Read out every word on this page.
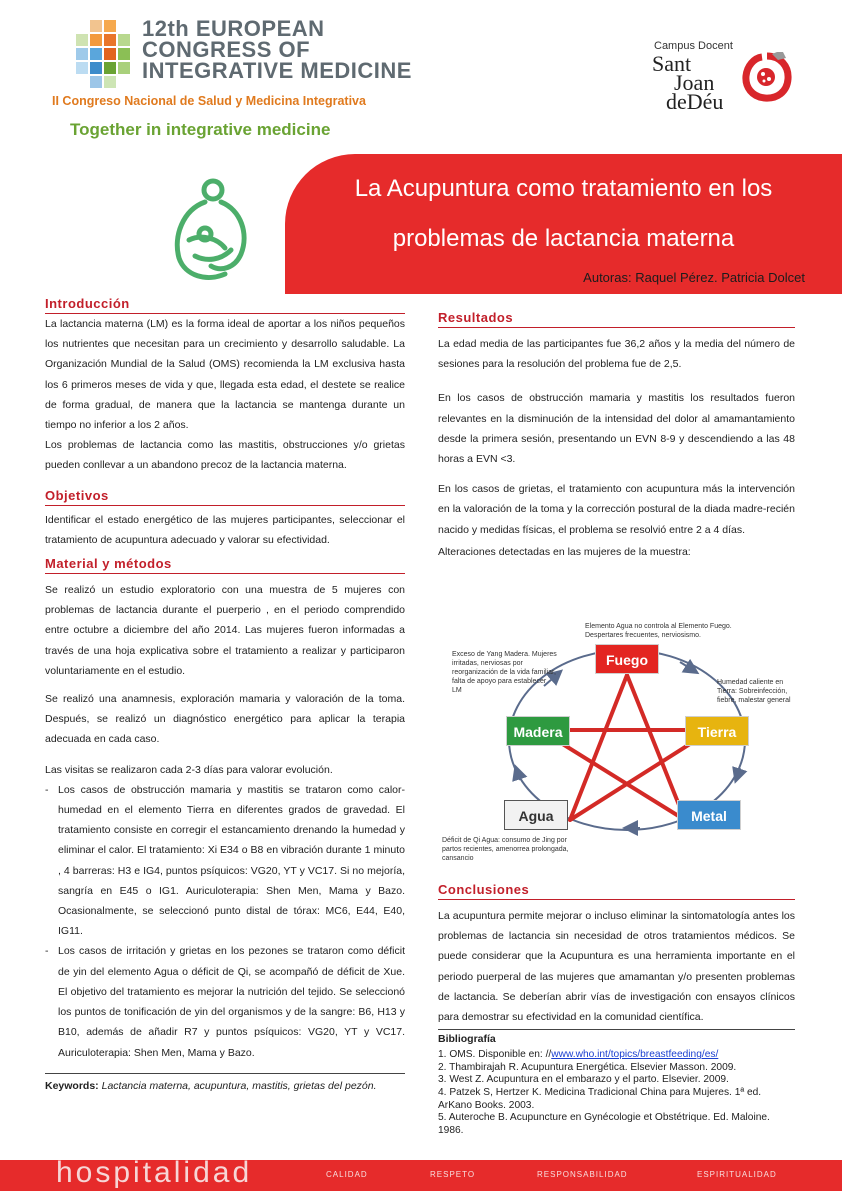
12th EUROPEAN
CONGRESS OF
INTEGRATIVE MEDICINE
II Congreso Nacional de Salud y Medicina Integrativa
Together in integrative medicine
Campus Docent
Sant
Joan
deDéu
La Acupuntura como tratamiento en los
problemas de lactancia materna
Autoras: Raquel Pérez. Patricia Dolcet
Introducción

La lactancia materna (LM) es la forma ideal de aportar a los niños pequeños los nutrientes que necesitan para un crecimiento y desarrollo saludable. La Organización Mundial de la Salud (OMS) recomienda la LM exclusiva hasta los 6 primeros meses de vida y que, llegada esta edad, el destete se realice de forma gradual, de manera que la lactancia se mantenga durante un tiempo no inferior a los 2 años.

Los problemas de lactancia como las mastitis, obstrucciones y/o grietas pueden conllevar a un abandono precoz de la lactancia materna.

Objetivos

Identificar el estado energético de las mujeres participantes, seleccionar el tratamiento de acupuntura adecuado y valorar su efectividad.

Material y métodos

Se realizó un estudio exploratorio con una muestra de 5 mujeres con problemas de lactancia durante el puerperio , en el periodo comprendido entre octubre a diciembre del año 2014. Las mujeres fueron informadas a través de una hoja explicativa sobre el tratamiento a realizar y participaron voluntariamente en el estudio.

Se realizó una anamnesis, exploración mamaria y valoración de la toma. Después, se realizó un diagnóstico energético para aplicar la terapia adecuada en cada caso.

Las visitas se realizaron cada 2-3 días para valorar evolución.

- Los casos de obstrucción mamaria y mastitis se trataron como calor-humedad en el elemento Tierra en diferentes grados de gravedad. El tratamiento consiste en corregir el estancamiento drenando la humedad y eliminar el calor. El tratamiento: Xi E34 o B8 en vibración durante 1 minuto , 4 barreras: H3 e IG4, puntos psíquicos: VG20, YT y VC17. Si no mejoría, sangría en E45 o IG1. Auriculoterapia: Shen Men, Mama y Bazo. Ocasionalmente, se seleccionó punto distal de tórax: MC6, E44, E40, IG11.
- Los casos de irritación y grietas en los pezones se trataron como déficit de yin del elemento Agua o déficit de Qi, se acompañó de déficit de Xue. El objetivo del tratamiento es mejorar la nutrición del tejido. Se seleccionó los puntos de tonificación de yin del organismos y de la sangre: B6, H13 y B10, además de añadir R7 y puntos psíquicos: VG20, YT y VC17. Auriculoterapia: Shen Men, Mama y Bazo.
Keywords: Lactancia materna, acupuntura, mastitis, grietas del pezón.
Resultados

La edad media de las participantes fue 36,2 años y la media del número de sesiones para la resolución del problema fue de 2,5.

En los casos de obstrucción mamaria y mastitis los resultados fueron relevantes en la disminución de la intensidad del dolor al amamantamiento desde la primera sesión, presentando un EVN 8-9 y descendiendo a las 48 horas a EVN <3.

En los casos de grietas, el tratamiento con acupuntura más la intervención en la valoración de la toma y la corrección postural de la diada madre-recién nacido y medidas físicas, el problema se resolvió entre 2 a 4 días.

Alteraciones detectadas en las mujeres de la muestra:

Fuego
Madera	Tierra
Agua	Metal
Elemento Agua no controla al Elemento Fuego. Despertares frecuentes, nerviosismo.
Exceso de Yang Madera. Mujeres irritadas, nerviosas por reorganización de la vida familiar, falta de apoyo para establecer LM
Humedad caliente en Tierra: Sobreinfección, fiebre, malestar general
Déficit de Qi Agua: consumo de Jing por partos recientes, amenorrea prolongada, cansancio
Conclusiones

La acupuntura permite mejorar o incluso eliminar la sintomatología antes los problemas de lactancia sin necesidad de otros tratamientos médicos. Se puede considerar que la Acupuntura es una herramienta importante en el periodo puerperal de las mujeres que amamantan y/o presenten problemas de lactancia. Se deberían abrir vías de investigación con ensayos clínicos para demostrar su efectividad en la comunidad científica.

Bibliografía
1. OMS. Disponible en: //www.who.int/topics/breastfeeding/es/
2. Thambirajah R. Acupuntura Energética. Elsevier Masson. 2009.
3. West Z. Acupuntura en el embarazo y el parto. Elsevier. 2009.
4. Patzek S, Hertzer K. Medicina Tradicional China para Mujeres. 1ª ed. ArKano Books. 2003.
5. Auteroche B. Acupuncture en Gynécologie et Obstétrique. Ed. Maloine. 1986.
hospitalidad	CALIDAD	RESPETO	RESPONSABILIDAD	ESPIRITUALIDAD
